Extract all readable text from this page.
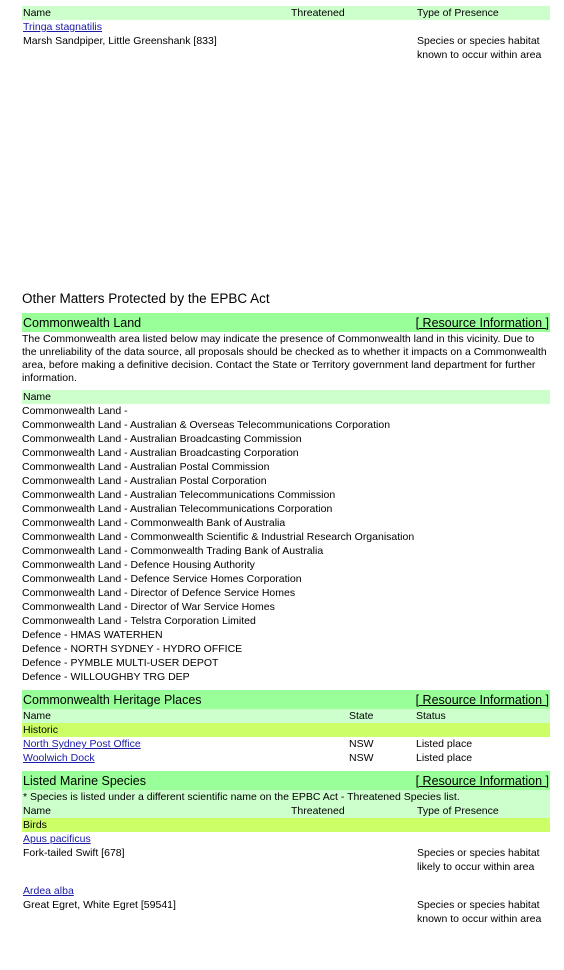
Name	Threatened	Type of Presence
Tringa stagnatilis
Marsh Sandpiper, Little Greenshank [833]	Species or species habitat
known to occur within area
Other Matters Protected by the EPBC Act
Commonwealth Land	[ Resource Information ]
The Commonwealth area listed below may indicate the presence of Commonwealth land in this vicinity. Due to the unreliability of the data source, all proposals should be checked as to whether it impacts on a Commonwealth area, before making a definitive decision. Contact the State or Territory government land department for further information.
Name
Commonwealth Land -
Commonwealth Land - Australian & Overseas Telecommunications Corporation
Commonwealth Land - Australian Broadcasting Commission
Commonwealth Land - Australian Broadcasting Corporation
Commonwealth Land - Australian Postal Commission
Commonwealth Land - Australian Postal Corporation
Commonwealth Land - Australian Telecommunications Commission
Commonwealth Land - Australian Telecommunications Corporation
Commonwealth Land - Commonwealth Bank of Australia
Commonwealth Land - Commonwealth Scientific & Industrial Research Organisation
Commonwealth Land - Commonwealth Trading Bank of Australia
Commonwealth Land - Defence Housing Authority
Commonwealth Land - Defence Service Homes Corporation
Commonwealth Land - Director of Defence Service Homes
Commonwealth Land - Director of War Service Homes
Commonwealth Land - Telstra Corporation Limited
Defence - HMAS WATERHEN
Defence - NORTH SYDNEY - HYDRO OFFICE
Defence - PYMBLE MULTI-USER DEPOT
Defence - WILLOUGHBY TRG DEP
Commonwealth Heritage Places	[ Resource Information ]
Name	State	Status
Historic
North Sydney Post Office	NSW	Listed place
Woolwich Dock	NSW	Listed place
Listed Marine Species	[ Resource Information ]
* Species is listed under a different scientific name on the EPBC Act - Threatened Species list.
Name	Threatened	Type of Presence
Birds
Apus pacificus
Fork-tailed Swift [678]	Species or species habitat
likely to occur within area
Ardea alba
Great Egret, White Egret [59541]	Species or species habitat
known to occur within area
